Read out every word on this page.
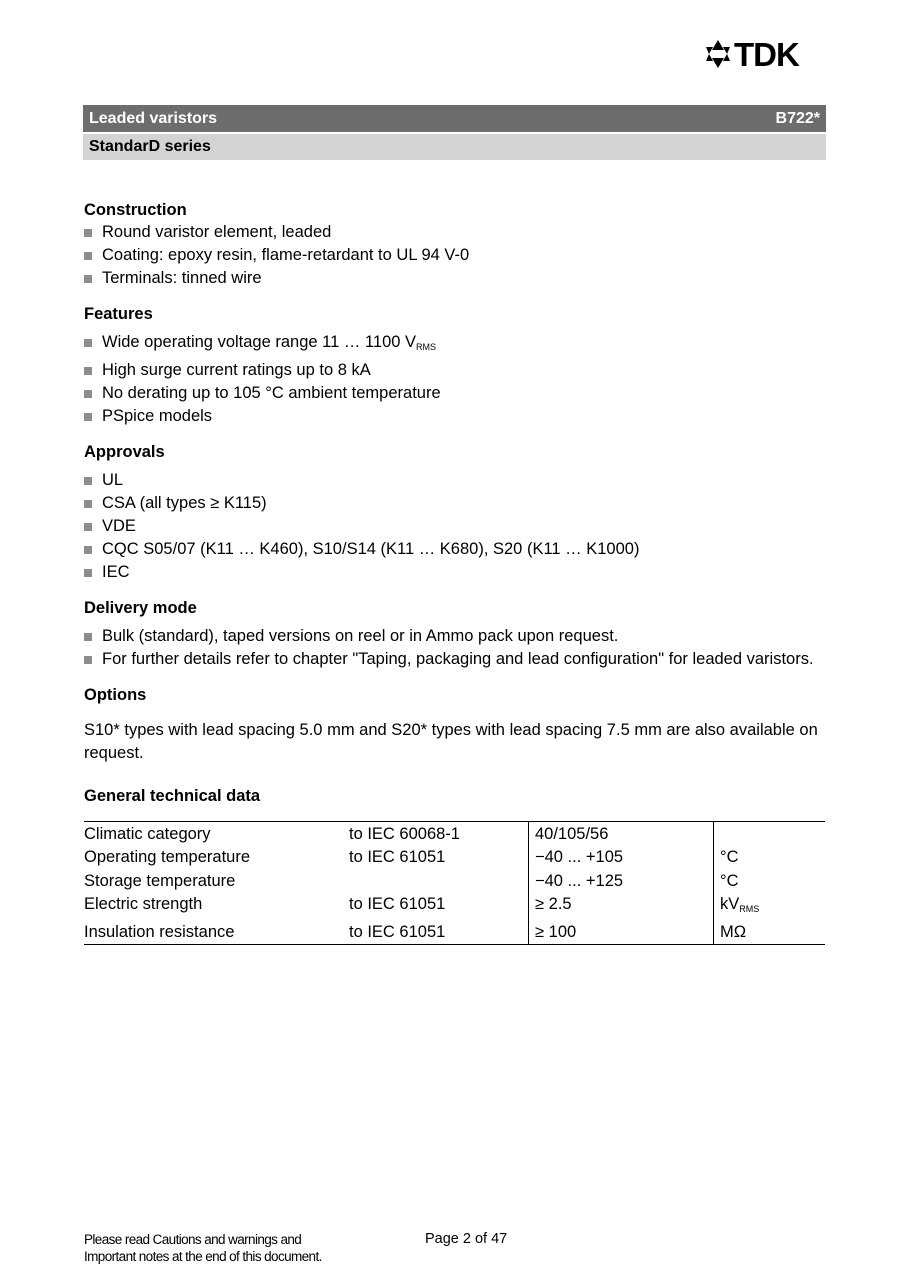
TDK
Leaded varistors	B722*
StandarD series
Construction
Round varistor element, leaded
Coating: epoxy resin, flame-retardant to UL 94 V-0
Terminals: tinned wire
Features
Wide operating voltage range 11 … 1100 $V_{RMS}$
High surge current ratings up to 8 kA
No derating up to 105 °C ambient temperature
PSpice models
Approvals
UL
CSA (all types ≥ K115)
VDE
CQC S05/07 (K11 … K460), S10/S14 (K11 … K680), S20 (K11 … K1000)
IEC
Delivery mode
Bulk (standard), taped versions on reel or in Ammo pack upon request.
For further details refer to chapter "Taping, packaging and lead configuration" for leaded varistors.
Options

S10* types with lead spacing 5.0 mm and S20* types with lead spacing 7.5 mm are also available on request.

General technical data
Climatic category	to IEC 60068-1	40/105/56	
Operating temperature	to IEC 61051	−40 ... +105	°C
Storage temperature		−40 ... +125	°C
Electric strength	to IEC 61051	≥ 2.5	$kV_{RMS}$
Insulation resistance	to IEC 61051	≥ 100	MΩ
Please read Cautions and warnings and
Important notes at the end of this document.
Page 2 of 47
